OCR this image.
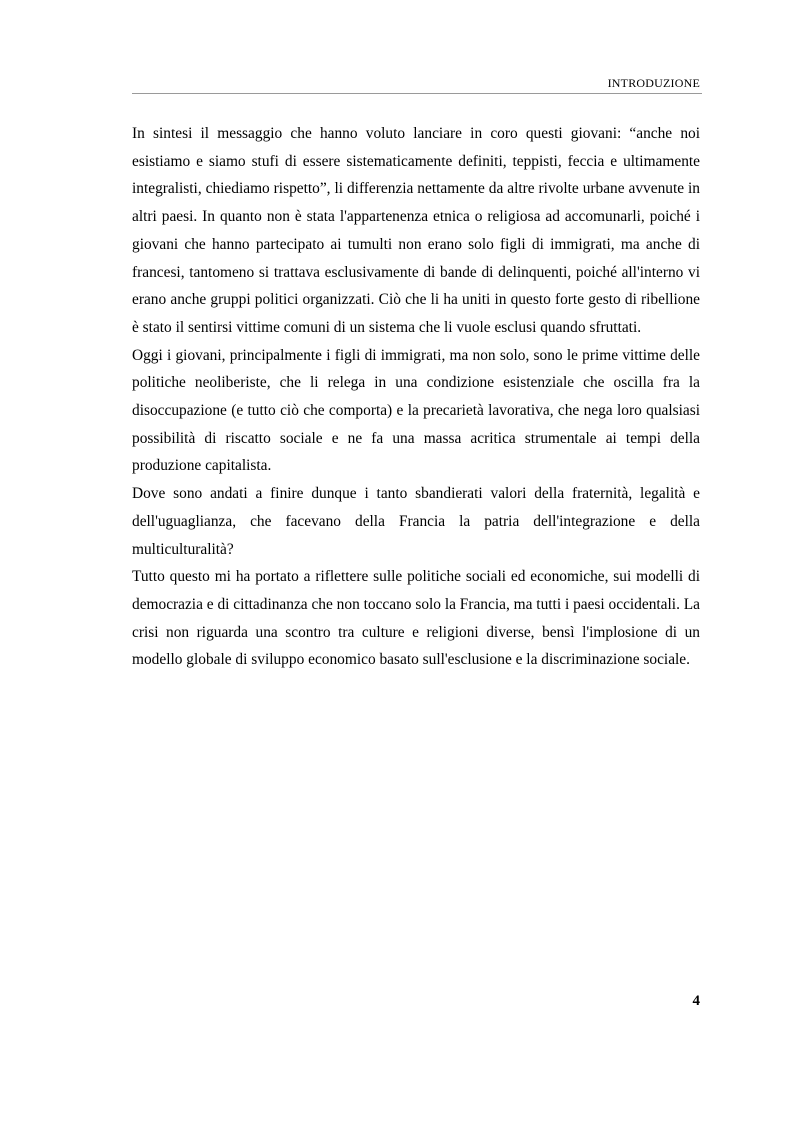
INTRODUZIONE

In sintesi il messaggio che hanno voluto lanciare in coro questi giovani: “anche noi esistiamo e siamo stufi di essere sistematicamente definiti, teppisti, feccia e ultimamente integralisti, chiediamo rispetto”, li differenzia nettamente da altre rivolte urbane avvenute in altri paesi. In quanto non è stata l'appartenenza etnica o religiosa ad accomunarli, poiché i giovani che hanno partecipato ai tumulti non erano solo figli di immigrati, ma anche di francesi, tantomeno si trattava esclusivamente di bande di delinquenti, poiché all'interno vi erano anche gruppi politici organizzati. Ciò che li ha uniti in questo forte gesto di ribellione è stato il sentirsi vittime comuni di un sistema che li vuole esclusi quando sfruttati.

Oggi i giovani, principalmente i figli di immigrati, ma non solo, sono le prime vittime delle politiche neoliberiste, che li relega in una condizione esistenziale che oscilla fra la disoccupazione (e tutto ciò che comporta) e la precarietà lavorativa, che nega loro qualsiasi possibilità di riscatto sociale e ne fa una massa acritica strumentale ai tempi della produzione capitalista.

Dove sono andati a finire dunque i tanto sbandierati valori della fraternità, legalità e dell'uguaglianza, che facevano della Francia la patria dell'integrazione e della multiculturalità?

Tutto questo mi ha portato a riflettere sulle politiche sociali ed economiche, sui modelli di democrazia e di cittadinanza che non toccano solo la Francia, ma tutti i paesi occidentali. La crisi non riguarda una scontro tra culture e religioni diverse, bensì l'implosione di un modello globale di sviluppo economico basato sull'esclusione e la discriminazione sociale.

4
